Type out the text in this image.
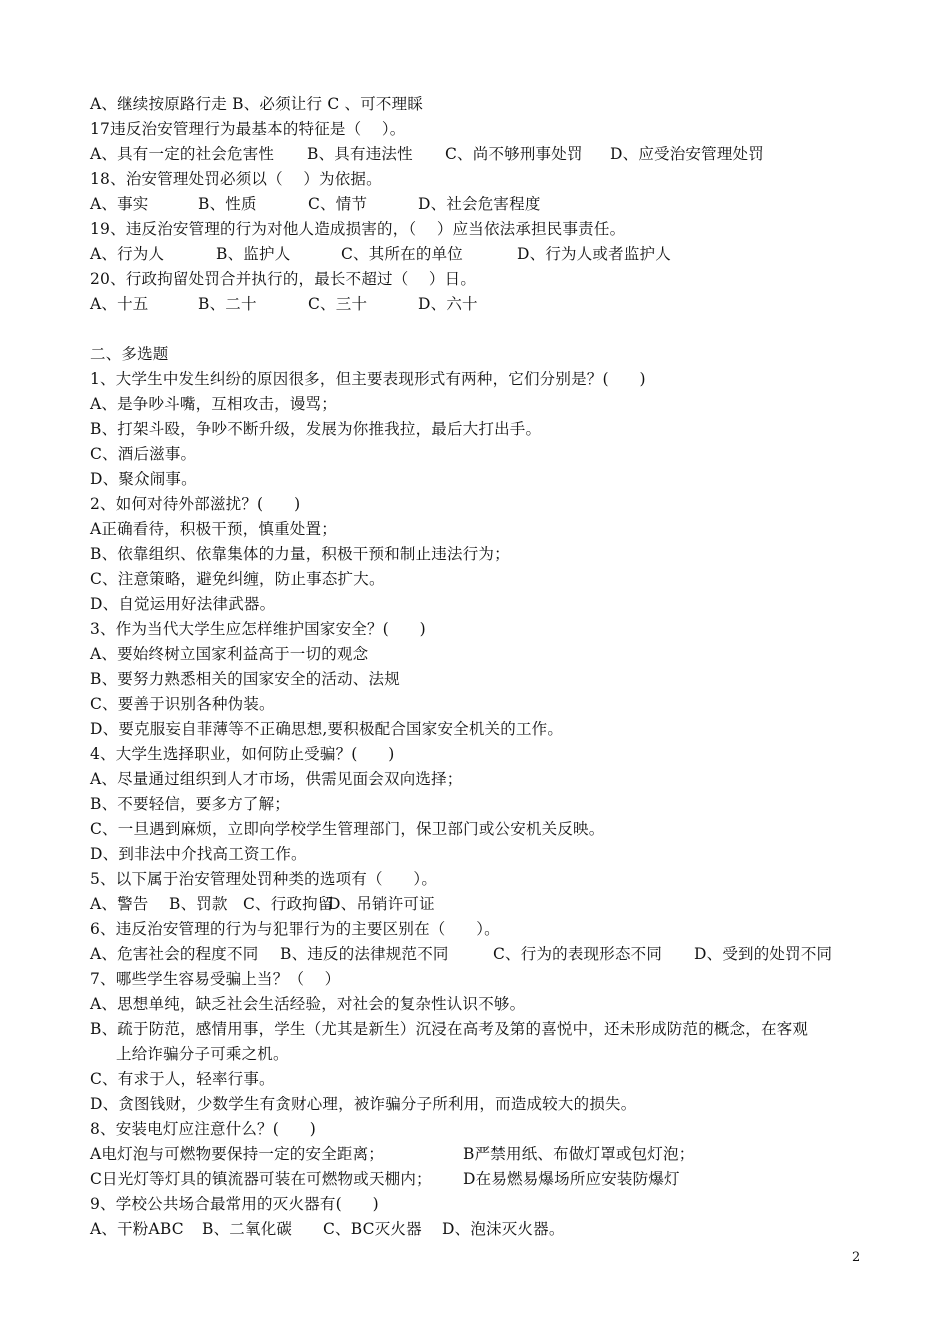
A、继续按原路行走 B、必须让行 C 、可不理睬
17违反治安管理行为最基本的特征是（    ）。
A、具有一定的社会危害性 B、具有违法性 C、尚不够刑事处罚 D、应受治安管理处罚
18、治安管理处罚必须以（    ）为依据。
A、事实	B、性质	C、情节	D、社会危害程度
19、违反治安管理的行为对他人造成损害的，（    ）应当依法承担民事责任。
A、行为人	B、监护人	C、其所在的单位	D、行为人或者监护人
20、行政拘留处罚合并执行的，最长不超过（    ）日。
A、十五	B、二十	C、三十	D、六十
二、多选题
1、大学生中发生纠纷的原因很多，但主要表现形式有两种，它们分别是？(      )
A、是争吵斗嘴，互相攻击，谩骂；
B、打架斗殴，争吵不断升级，发展为你推我拉，最后大打出手。
C、酒后滋事。
D、聚众闹事。
2、如何对待外部滋扰？(      )
A正确看待，积极干预，慎重处置；
B、依靠组织、依靠集体的力量，积极干预和制止违法行为；
C、注意策略，避免纠缠，防止事态扩大。
D、自觉运用好法律武器。
3、作为当代大学生应怎样维护国家安全？(      )
A、要始终树立国家利益高于一切的观念
B、要努力熟悉相关的国家安全的活动、法规
C、要善于识别各种伪装。
D、要克服妄自菲薄等不正确思想,要积极配合国家安全机关的工作。
4、大学生选择职业，如何防止受骗？(      )
A、尽量通过组织到人才市场，供需见面会双向选择；
B、不要轻信，要多方了解；
C、一旦遇到麻烦，立即向学校学生管理部门，保卫部门或公安机关反映。
D、到非法中介找高工资工作。
5、以下属于治安管理处罚种类的选项有（      ）。
A、警告 B、罚款 C、行政拘留
D、吊销许可证
6、违反治安管理的行为与犯罪行为的主要区别在（      ）。
A、危害社会的程度不同 B、违反的法律规范不同	C、行为的表现形态不同 D、受到的处罚不同
7、哪些学生容易受骗上当？（    ）
A、思想单纯，缺乏社会生活经验，对社会的复杂性认识不够。
B、疏于防范，感情用事，学生（尤其是新生）沉浸在高考及第的喜悦中，还未形成防范的概念，在客观
上给诈骗分子可乘之机。
C、有求于人，轻率行事。
D、贪图钱财，少数学生有贪财心理，被诈骗分子所利用，而造成较大的损失。
8、安装电灯应注意什么？(      )
A电灯泡与可燃物要保持一定的安全距离；	B严禁用纸、布做灯罩或包灯泡；
C日光灯等灯具的镇流器可装在可燃物或天棚内； D在易燃易爆场所应安装防爆灯
9、学校公共场合最常用的灭火器有(      )
A、干粉ABC B、二氧化碳 C、BC灭火器 D、泡沫灭火器。
2
